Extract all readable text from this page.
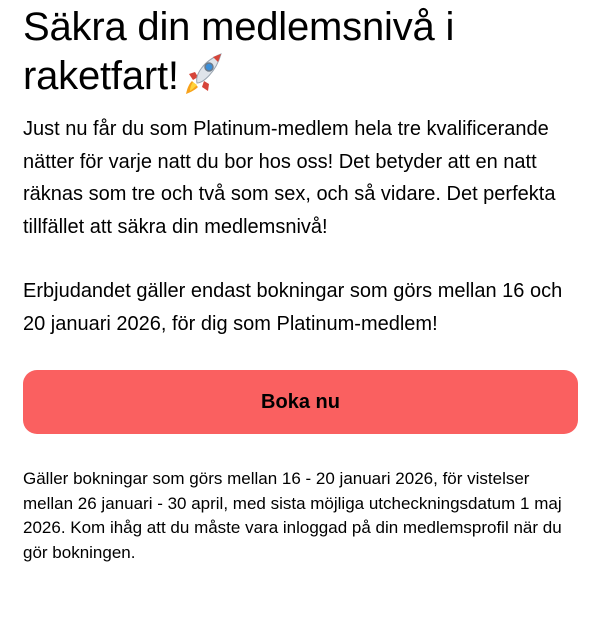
Säkra din medlemsnivå i raketfart!

Just nu får du som Platinum-medlem hela tre kvalificerande nätter för varje natt du bor hos oss! Det betyder att en natt räknas som tre och två som sex, och så vidare. Det perfekta tillfället att säkra din medlemsnivå!

Erbjudandet gäller endast bokningar som görs mellan 16 och 20 januari 2026, för dig som Platinum-medlem!

Boka nu

Gäller bokningar som görs mellan 16 - 20 januari 2026, för vistelser mellan 26 januari - 30 april, med sista möjliga utcheckningsdatum 1 maj 2026. Kom ihåg att du måste vara inloggad på din medlemsprofil när du gör bokningen.
